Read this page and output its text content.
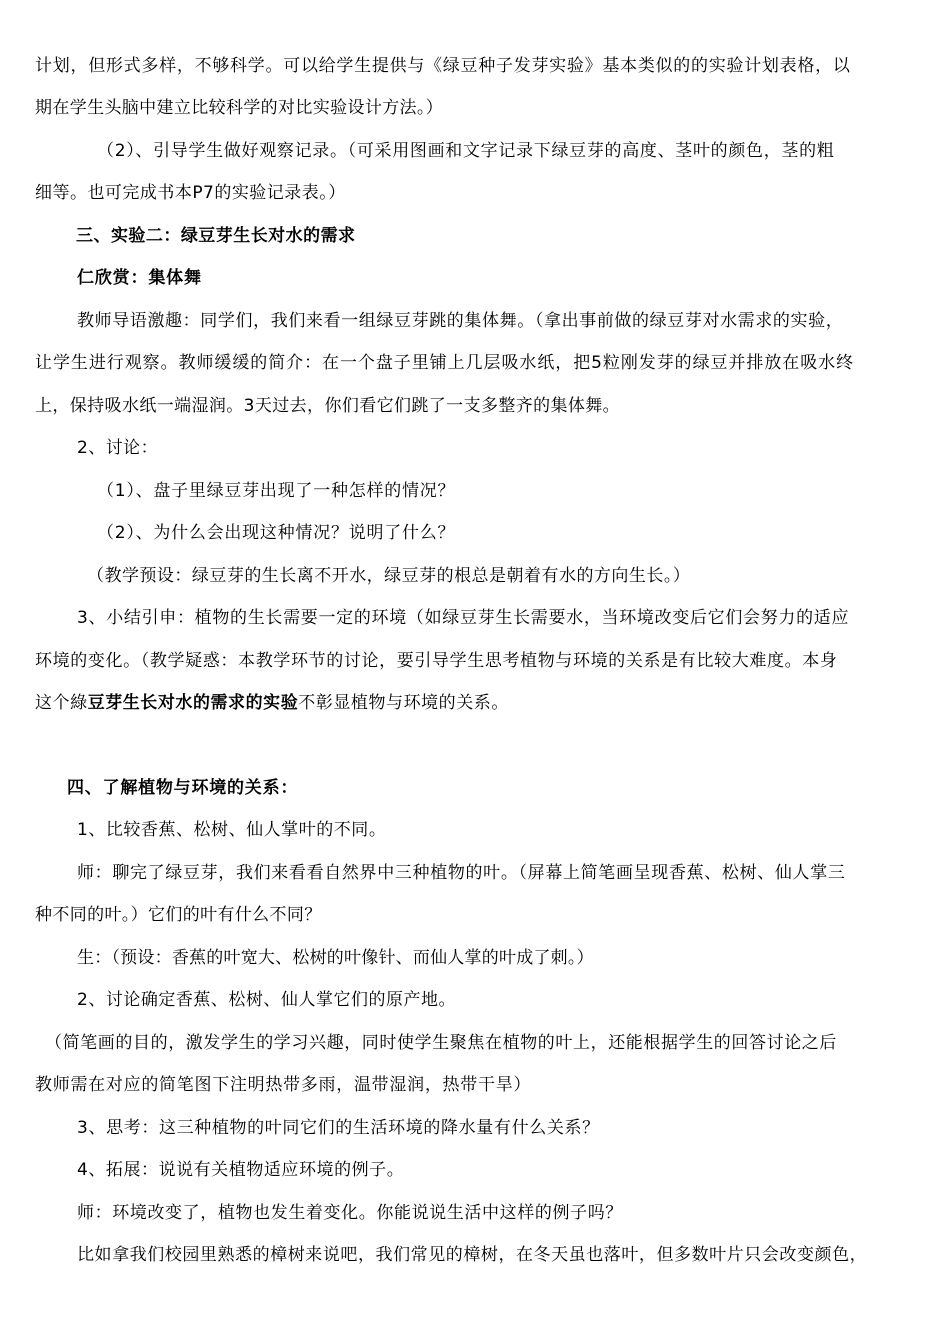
计划，但形式多样，不够科学。可以给学生提供与《绿豆种子发芽实验》基本类似的的实验计划表格，以
期在学生头脑中建立比较科学的对比实验设计方法。）
（2）、引导学生做好观察记录。（可采用图画和文字记录下绿豆芽的高度、茎叶的颜色，茎的粗
细等。也可完成书本P7的实验记录表。）
三、实验二：绿豆芽生长对水的需求
仁欣赏：集体舞
教师导语激趣：同学们，我们来看一组绿豆芽跳的集体舞。（拿出事前做的绿豆芽对水需求的实验，
让学生进行观察。教师缓缓的简介：在一个盘子里铺上几层吸水纸，把5粒刚发芽的绿豆并排放在吸水终
上，保持吸水纸一端湿润。3天过去，你们看它们跳了一支多整齐的集体舞。
2、讨论：
（1）、盘子里绿豆芽出现了一种怎样的情况？
（2）、为什么会出现这种情况？说明了什么？
（教学预设：绿豆芽的生长离不开水，绿豆芽的根总是朝着有水的方向生长。）
3、小结引申：植物的生长需要一定的环境（如绿豆芽生长需要水，当环境改变后它们会努力的适应
环境的变化。（教学疑惑：本教学环节的讨论，要引导学生思考植物与环境的关系是有比较大难度。本身
这个綠豆芽生长对水的需求的实验不彰显植物与环境的关系。
四、了解植物与环境的关系：
1、比较香蕉、松树、仙人掌叶的不同。
师：聊完了绿豆芽，我们来看看自然界中三种植物的叶。（屏幕上简笔画呈现香蕉、松树、仙人掌三
种不同的叶。）它们的叶有什么不同？
生：（预设：香蕉的叶宽大、松树的叶像针、而仙人掌的叶成了刺。）
2、讨论确定香蕉、松树、仙人掌它们的原产地。
（简笔画的目的，激发学生的学习兴趣，同时使学生聚焦在植物的叶上，还能根据学生的回答讨论之后
教师需在对应的简笔图下注明热带多雨，温带湿润，热带干旱）
3、思考：这三种植物的叶同它们的生活环境的降水量有什么关系？
4、拓展：说说有关植物适应环境的例子。
师：环境改变了，植物也发生着变化。你能说说生活中这样的例子吗？
比如拿我们校园里熟悉的樟树来说吧，我们常见的樟树，在冬天虽也落叶，但多数叶片只会改变颜色，
